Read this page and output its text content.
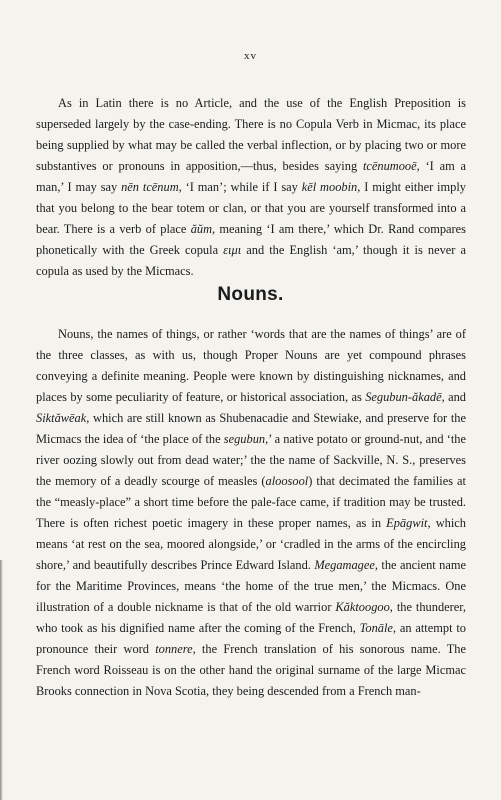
xv

As in Latin there is no Article, and the use of the English Preposition is superseded largely by the case-ending. There is no Copula Verb in Micmac, its place being supplied by what may be called the verbal inflection, or by placing two or more substantives or pronouns in apposition,—thus, besides saying tcēnumooē, ‘I am a man,’ I may say nēn tcēnum, ‘I man’; while if I say kēl moobin, I might either imply that you belong to the bear totem or clan, or that you are yourself transformed into a bear. There is a verb of place ăŭm, meaning ‘I am there,’ which Dr. Rand compares phonetically with the Greek copula ειμι and the English ‘am,’ though it is never a copula as used by the Micmacs.

Nouns.

Nouns, the names of things, or rather ‘words that are the names of things’ are of the three classes, as with us, though Proper Nouns are yet compound phrases conveying a definite meaning. People were known by distinguishing nicknames, and places by some peculiarity of feature, or historical association, as Segubun-ăkadē, and Siktăwēak, which are still known as Shubenacadie and Stewiake, and preserve for the Micmacs the idea of ‘the place of the segubun,’ a native potato or ground-nut, and ‘the river oozing slowly out from dead water;’ the the name of Sackville, N. S., preserves the memory of a deadly scourge of measles (aloosool) that decimated the families at the “measly-place” a short time before the pale-face came, if tradition may be trusted. There is often richest poetic imagery in these proper names, as in Epāgwit, which means ‘at rest on the sea, moored alongside,’ or ‘cradled in the arms of the encircling shore,’ and beautifully describes Prince Edward Island. Megamagee, the ancient name for the Maritime Provinces, means ‘the home of the true men,’ the Micmacs. One illustration of a double nickname is that of the old warrior Kăktoogoo, the thunderer, who took as his dignified name after the coming of the French, Tonāle, an attempt to pronounce their word tonnere, the French translation of his sonorous name. The French word Roisseau is on the other hand the original surname of the large Micmac Brooks connection in Nova Scotia, they being descended from a French man-
